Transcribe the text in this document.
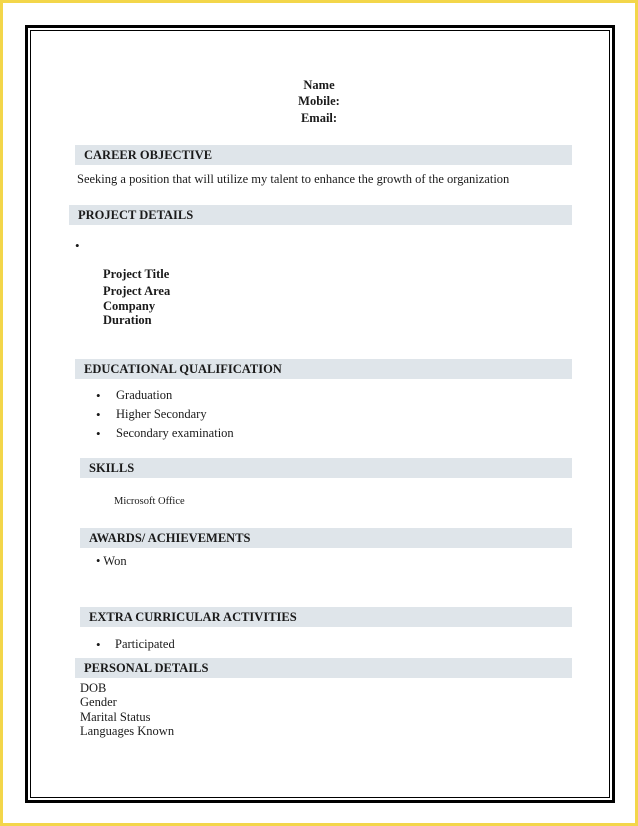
Name
Mobile:
Email:
CAREER OBJECTIVE
Seeking a position that will utilize my talent to enhance the growth of the organization
PROJECT DETAILS
•
Project Title
Project Area
Company
Duration
EDUCATIONAL QUALIFICATION
• Graduation
• Higher Secondary
• Secondary examination
SKILLS
Microsoft Office
AWARDS/ ACHIEVEMENTS
• Won
EXTRA CURRICULAR ACTIVITIES
• Participated
PERSONAL DETAILS
DOB
Gender
Marital Status
Languages Known
